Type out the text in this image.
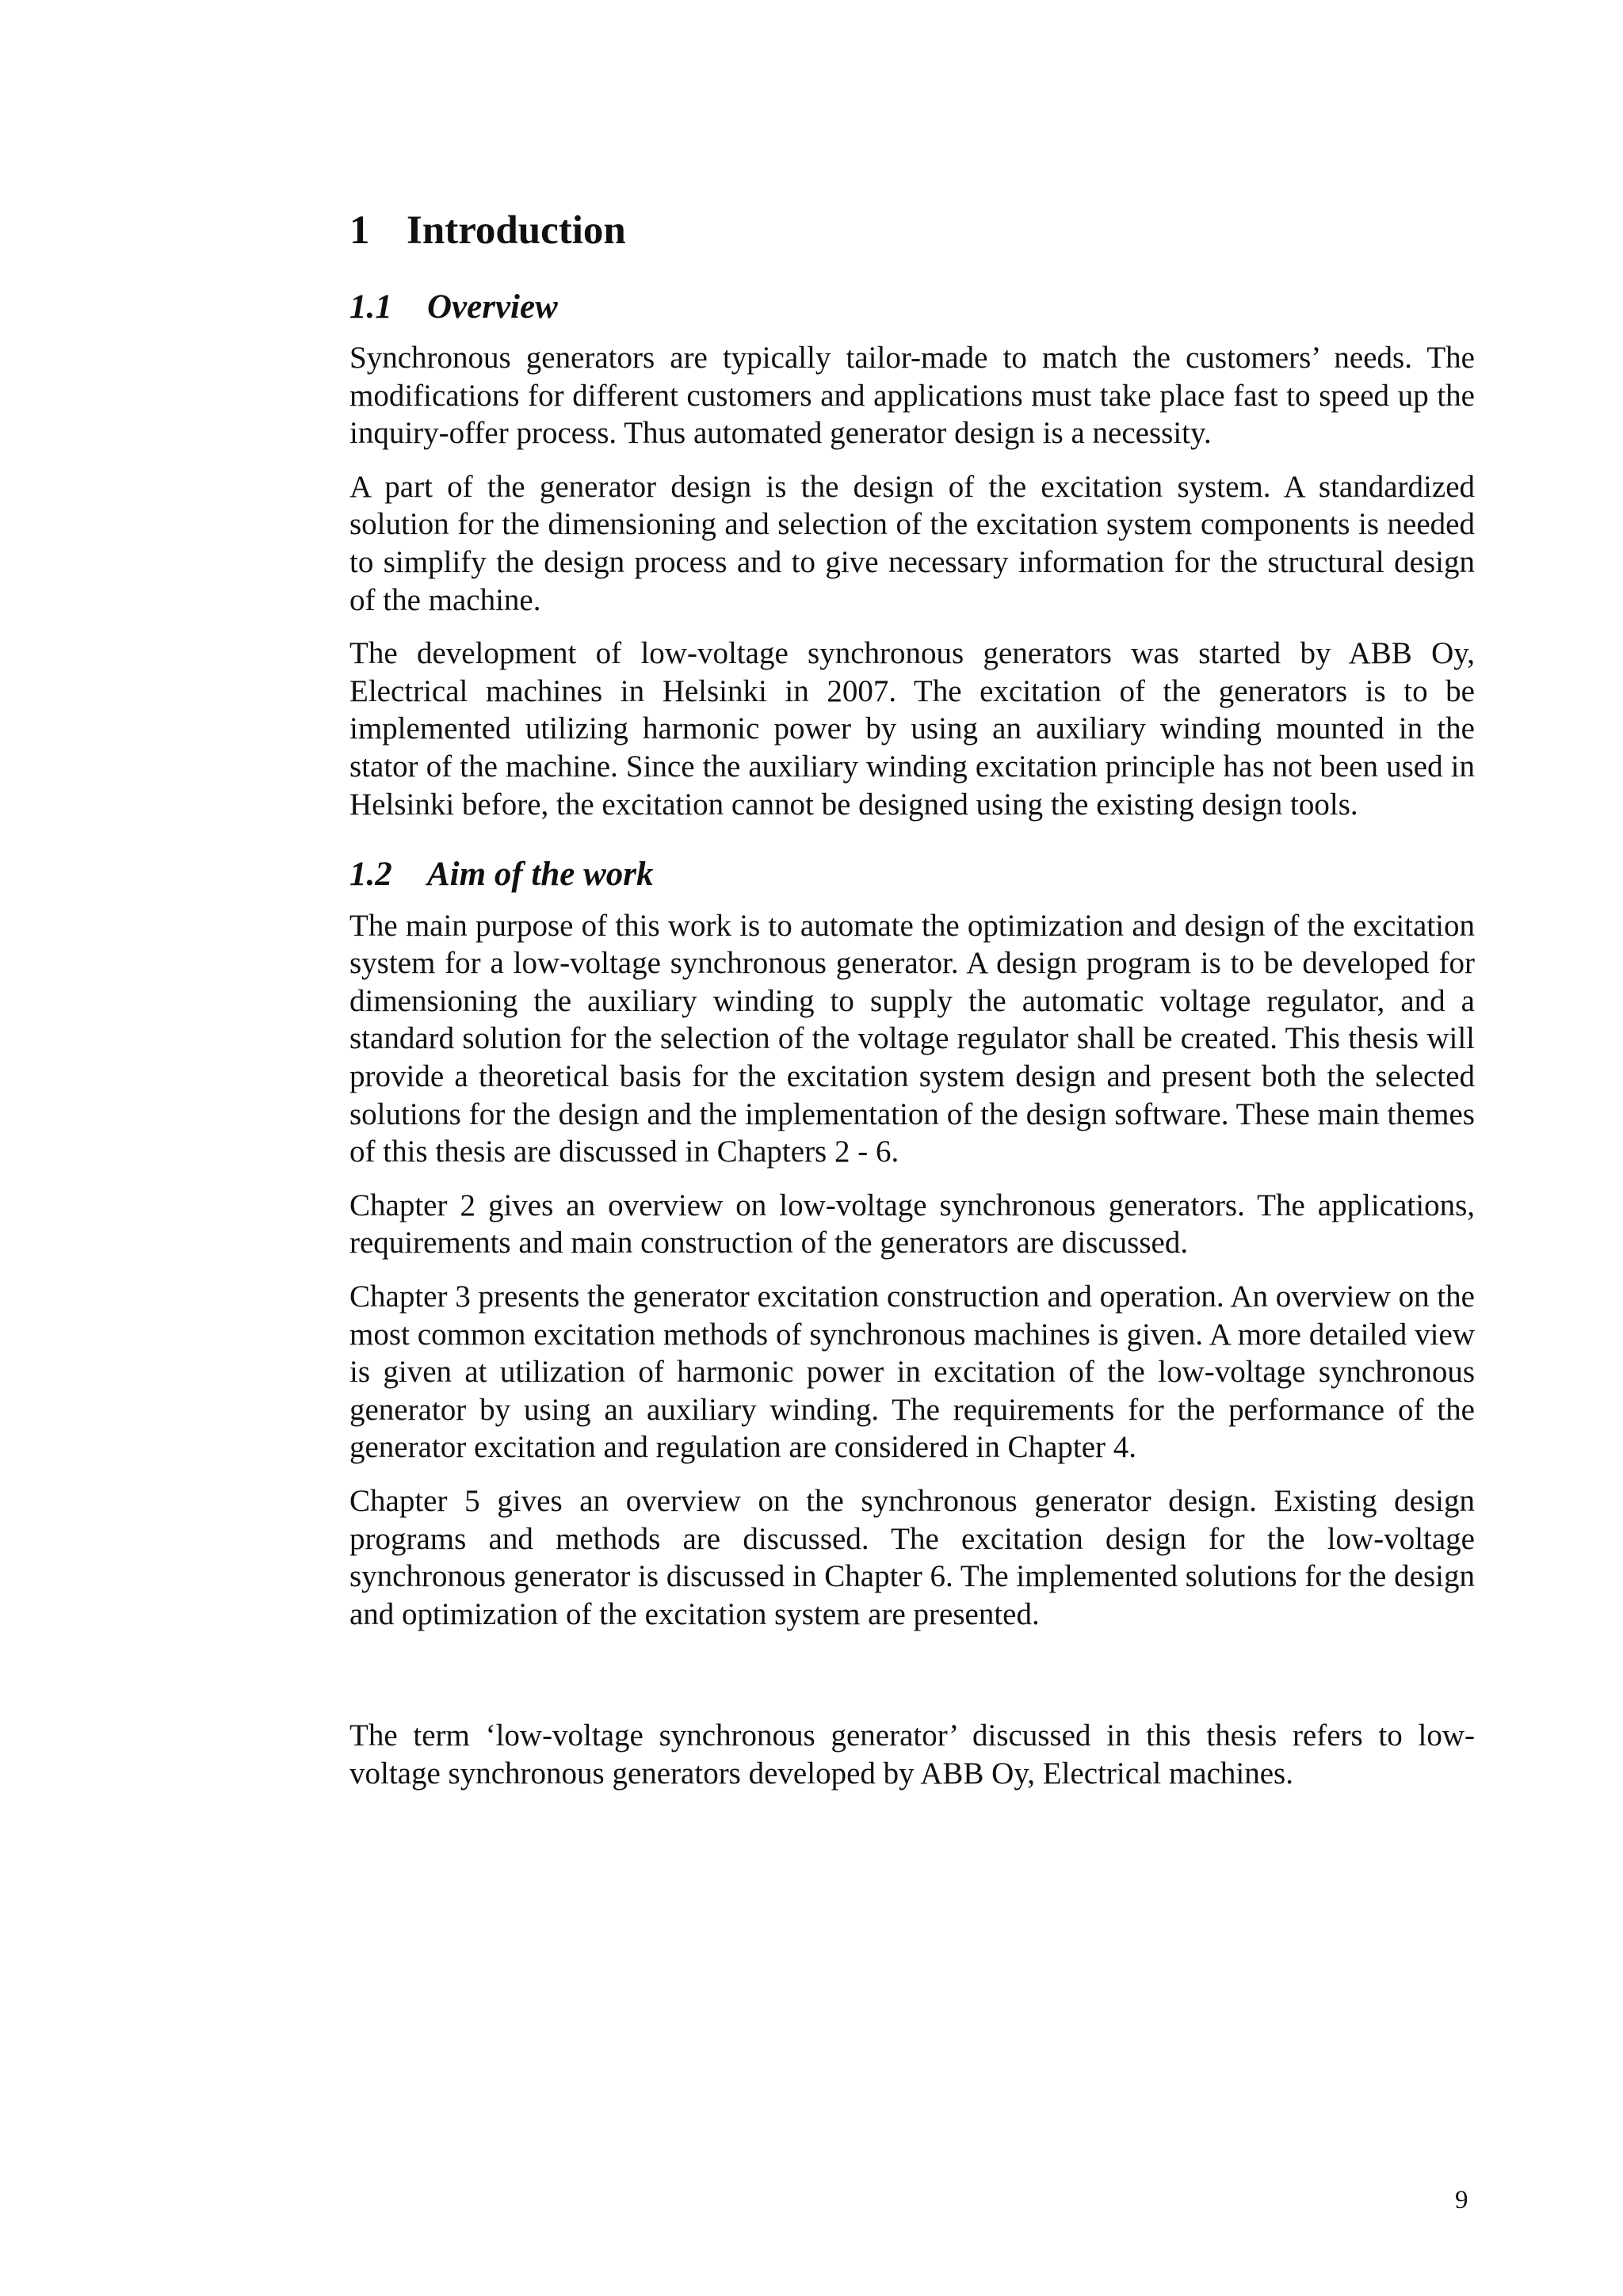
1 Introduction
1.1 Overview

Synchronous generators are typically tailor-made to match the customers’ needs. The modifications for different customers and applications must take place fast to speed up the inquiry-offer process. Thus automated generator design is a necessity.

A part of the generator design is the design of the excitation system. A standardized solution for the dimensioning and selection of the excitation system components is needed to simplify the design process and to give necessary information for the structural design of the machine.

The development of low-voltage synchronous generators was started by ABB Oy, Electrical machines in Helsinki in 2007. The excitation of the generators is to be implemented utilizing harmonic power by using an auxiliary winding mounted in the stator of the machine. Since the auxiliary winding excitation principle has not been used in Helsinki before, the excitation cannot be designed using the existing design tools.

1.2 Aim of the work

The main purpose of this work is to automate the optimization and design of the excitation system for a low-voltage synchronous generator. A design program is to be developed for dimensioning the auxiliary winding to supply the automatic voltage regulator, and a standard solution for the selection of the voltage regulator shall be created. This thesis will provide a theoretical basis for the excitation system design and present both the selected solutions for the design and the implementation of the design software. These main themes of this thesis are discussed in Chapters 2 - 6.

Chapter 2 gives an overview on low-voltage synchronous generators. The applications, requirements and main construction of the generators are discussed.

Chapter 3 presents the generator excitation construction and operation. An overview on the most common excitation methods of synchronous machines is given. A more detailed view is given at utilization of harmonic power in excitation of the low-voltage synchronous generator by using an auxiliary winding. The requirements for the performance of the generator excitation and regulation are considered in Chapter 4.

Chapter 5 gives an overview on the synchronous generator design. Existing design programs and methods are discussed. The excitation design for the low-voltage synchronous generator is discussed in Chapter 6. The implemented solutions for the design and optimization of the excitation system are presented.

The term ‘low-voltage synchronous generator’ discussed in this thesis refers to low-voltage synchronous generators developed by ABB Oy, Electrical machines.

9
